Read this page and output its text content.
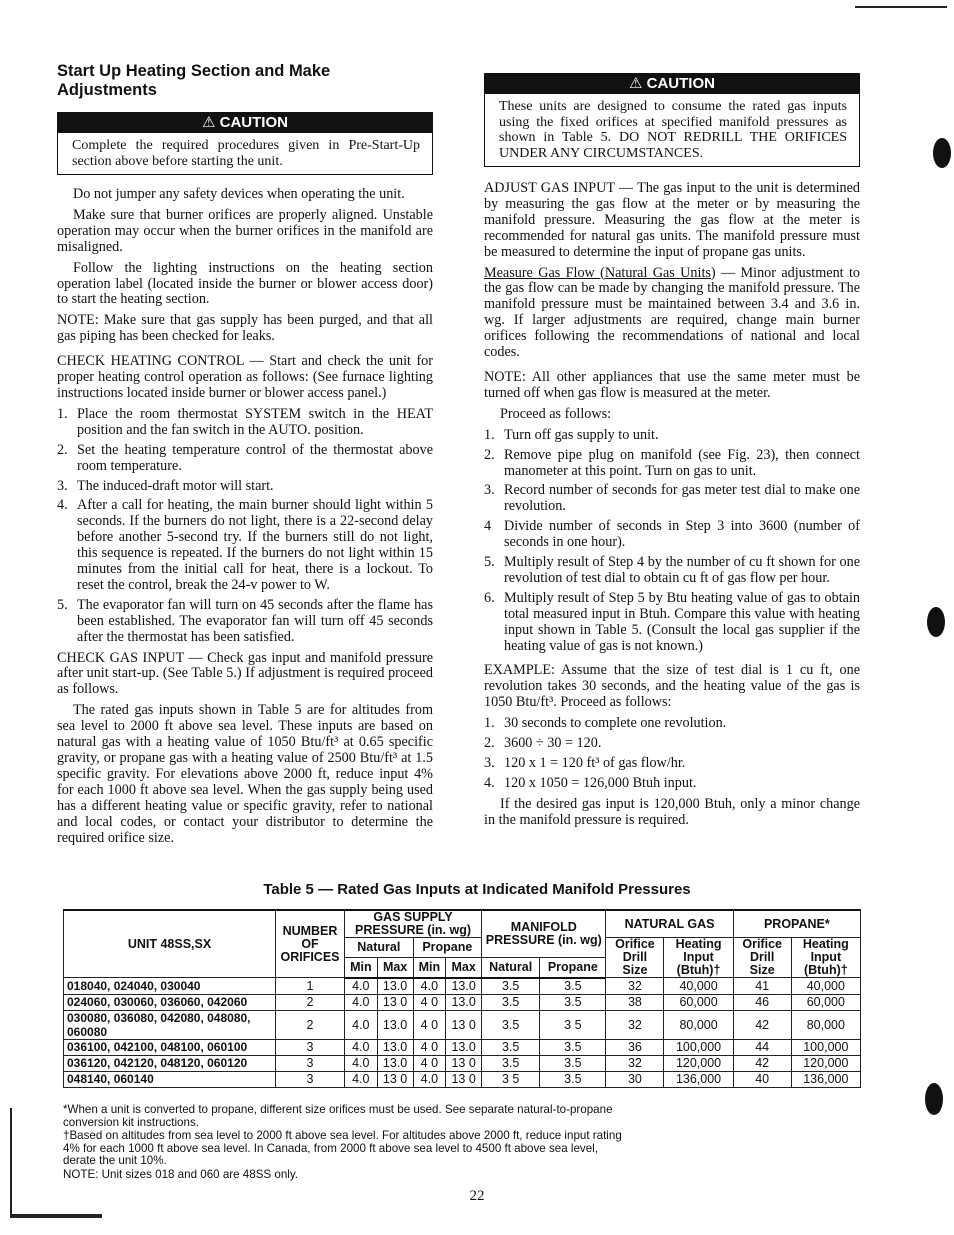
Start Up Heating Section and Make Adjustments
⚠ CAUTION
Complete the required procedures given in Pre-Start-Up section above before starting the unit.

Do not jumper any safety devices when operating the unit.

Make sure that burner orifices are properly aligned. Unstable operation may occur when the burner orifices in the manifold are misaligned.

Follow the lighting instructions on the heating section operation label (located inside the burner or blower access door) to start the heating section.

NOTE: Make sure that gas supply has been purged, and that all gas piping has been checked for leaks.

CHECK HEATING CONTROL — Start and check the unit for proper heating control operation as follows: (See furnace lighting instructions located inside burner or blower access panel.)

1. Place the room thermostat SYSTEM switch in the HEAT position and the fan switch in the AUTO. position.
2. Set the heating temperature control of the thermostat above room temperature.
3. The induced-draft motor will start.
4. After a call for heating, the main burner should light within 5 seconds. If the burners do not light, there is a 22-second delay before another 5-second try. If the burners still do not light, this sequence is repeated. If the burners do not light within 15 minutes from the initial call for heat, there is a lockout. To reset the control, break the 24-v power to W.
5. The evaporator fan will turn on 45 seconds after the flame has been established. The evaporator fan will turn off 45 seconds after the thermostat has been satisfied.

CHECK GAS INPUT — Check gas input and manifold pressure after unit start-up. (See Table 5.) If adjustment is required proceed as follows.

The rated gas inputs shown in Table 5 are for altitudes from sea level to 2000 ft above sea level. These inputs are based on natural gas with a heating value of 1050 Btu/ft³ at 0.65 specific gravity, or propane gas with a heating value of 2500 Btu/ft³ at 1.5 specific gravity. For elevations above 2000 ft, reduce input 4% for each 1000 ft above sea level. When the gas supply being used has a different heating value or specific gravity, refer to national and local codes, or contact your distributor to determine the required orifice size.

⚠ CAUTION
These units are designed to consume the rated gas inputs using the fixed orifices at specified manifold pressures as shown in Table 5. DO NOT REDRILL THE ORIFICES UNDER ANY CIRCUMSTANCES.

ADJUST GAS INPUT — The gas input to the unit is determined by measuring the gas flow at the meter or by measuring the manifold pressure. Measuring the gas flow at the meter is recommended for natural gas units. The manifold pressure must be measured to determine the input of propane gas units.

Measure Gas Flow (Natural Gas Units) — Minor adjustment to the gas flow can be made by changing the manifold pressure. The manifold pressure must be maintained between 3.4 and 3.6 in. wg. If larger adjustments are required, change main burner orifices following the recommendations of national and local codes.

NOTE: All other appliances that use the same meter must be turned off when gas flow is measured at the meter.

Proceed as follows:

1. Turn off gas supply to unit.
2. Remove pipe plug on manifold (see Fig. 23), then connect manometer at this point. Turn on gas to unit.
3. Record number of seconds for gas meter test dial to make one revolution.
4 Divide number of seconds in Step 3 into 3600 (number of seconds in one hour).
5. Multiply result of Step 4 by the number of cu ft shown for one revolution of test dial to obtain cu ft of gas flow per hour.
6. Multiply result of Step 5 by Btu heating value of gas to obtain total measured input in Btuh. Compare this value with heating input shown in Table 5. (Consult the local gas supplier if the heating value of gas is not known.)

EXAMPLE: Assume that the size of test dial is 1 cu ft, one revolution takes 30 seconds, and the heating value of the gas is 1050 Btu/ft³. Proceed as follows:

1. 30 seconds to complete one revolution.
2. 3600 ÷ 30 = 120.
3. 120 x 1 = 120 ft³ of gas flow/hr.
4. 120 x 1050 = 126,000 Btuh input.

If the desired gas input is 120,000 Btuh, only a minor change in the manifold pressure is required.

Table 5 — Rated Gas Inputs at Indicated Manifold Pressures
UNIT 48SS,SX	NUMBER OF ORIFICES	GAS SUPPLY PRESSURE (in. wg)				MANIFOLD PRESSURE (in. wg)		NATURAL GAS		PROPANE*	
		Natural		Propane				Orifice Drill Size	Heating Input (Btuh)†	Orifice Drill Size	Heating Input (Btuh)†
		Min	Max	Min	Max	Natural	Propane				
018040, 024040, 030040	1	4.0	13.0	4.0	13.0	3.5	3.5	32	40,000	41	40,000
024060, 030060, 036060, 042060	2	4.0	13 0	4 0	13.0	3.5	3.5	38	60,000	46	60,000
030080, 036080, 042080, 048080, 060080	2	4.0	13.0	4 0	13 0	3.5	3 5	32	80,000	42	80,000
036100, 042100, 048100, 060100	3	4.0	13.0	4 0	13.0	3.5	3.5	36	100,000	44	100,000
036120, 042120, 048120, 060120	3	4.0	13.0	4 0	13 0	3.5	3.5	32	120,000	42	120,000
048140, 060140	3	4.0	13 0	4.0	13 0	3 5	3.5	30	136,000	40	136,000
*When a unit is converted to propane, different size orifices must be used. See separate natural-to-propane conversion kit instructions.
†Based on altitudes from sea level to 2000 ft above sea level. For altitudes above 2000 ft, reduce input rating 4% for each 1000 ft above sea level. In Canada, from 2000 ft above sea level to 4500 ft above sea level, derate the unit 10%.
NOTE: Unit sizes 018 and 060 are 48SS only.
22
